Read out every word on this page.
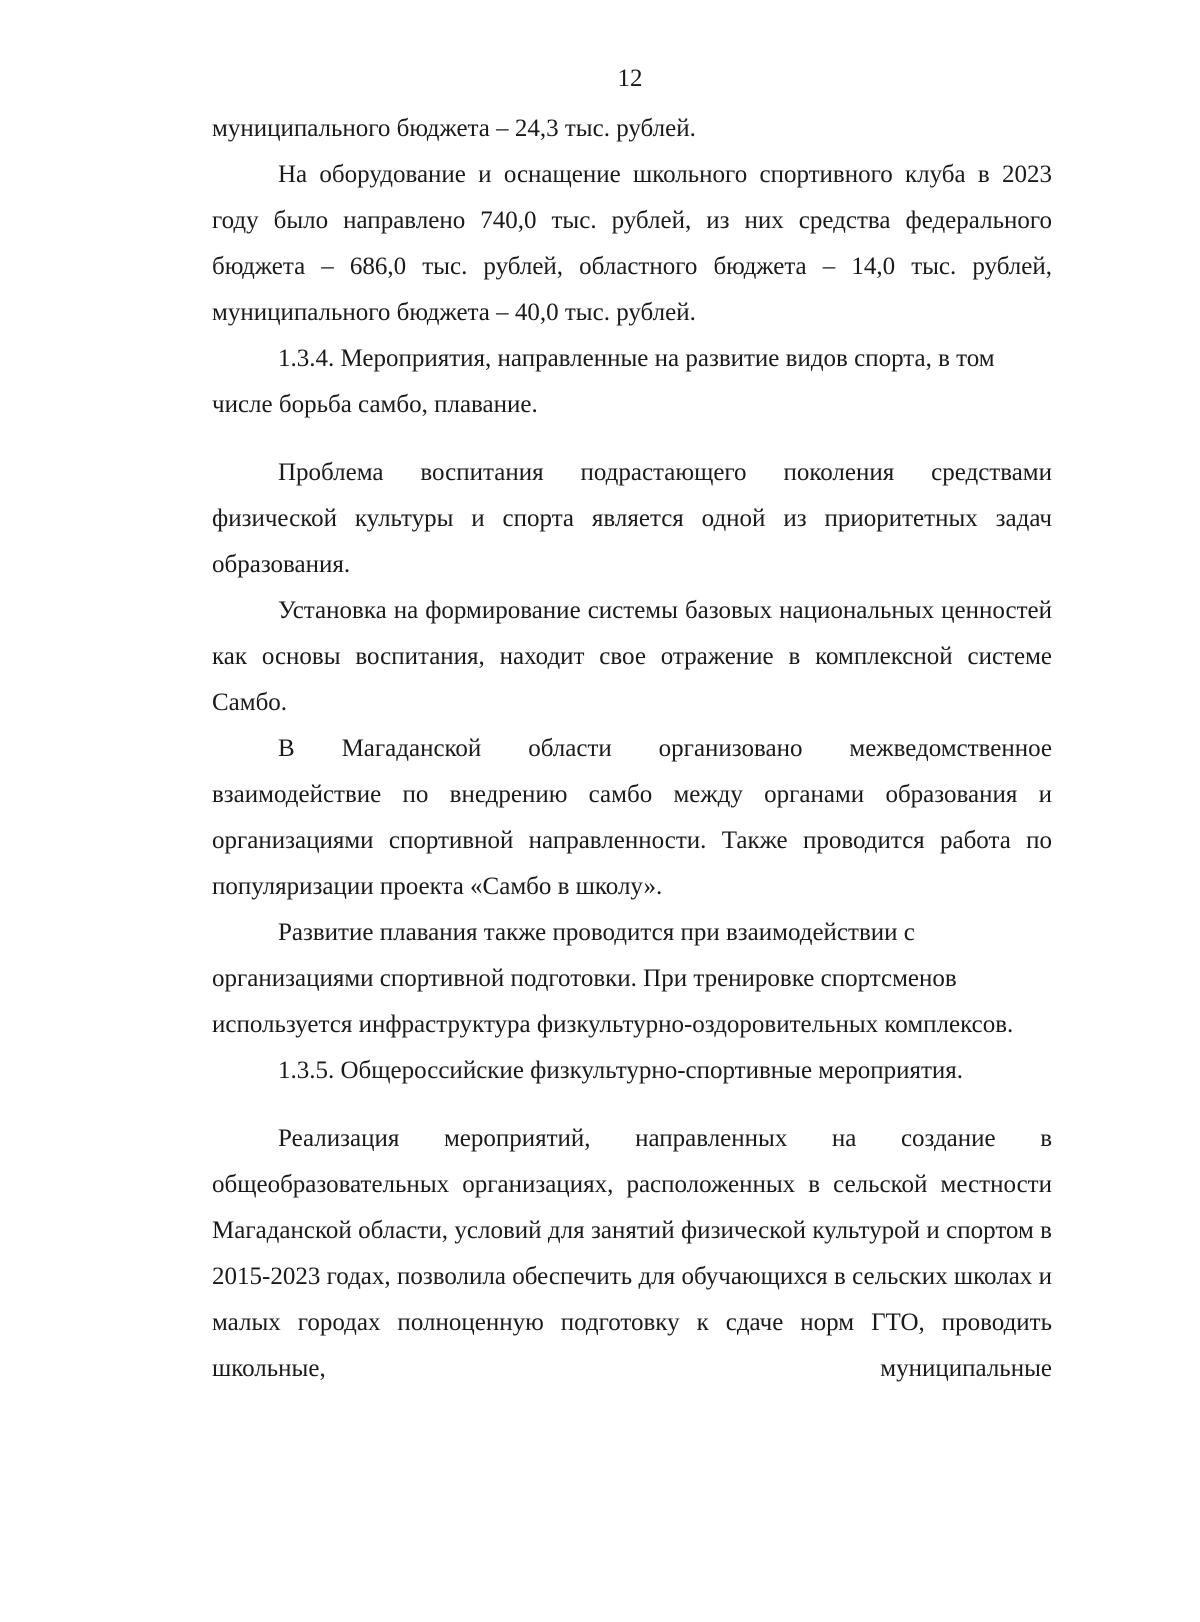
12

муниципального бюджета – 24,3 тыс. рублей.

На оборудование и оснащение школьного спортивного клуба в 2023 году было направлено 740,0 тыс. рублей, из них средства федерального бюджета – 686,0 тыс. рублей, областного бюджета – 14,0 тыс. рублей, муниципального бюджета – 40,0 тыс. рублей.

1.3.4. Мероприятия, направленные на развитие видов спорта, в том числе борьба самбо, плавание.

Проблема воспитания подрастающего поколения средствами физической культуры и спорта является одной из приоритетных задач образования.

Установка на формирование системы базовых национальных ценностей как основы воспитания, находит свое отражение в комплексной системе Самбо.

В Магаданской области организовано межведомственное взаимодействие по внедрению самбо между органами образования и организациями спортивной направленности. Также проводится работа по популяризации проекта «Самбо в школу».

Развитие плавания также проводится при взаимодействии с организациями спортивной подготовки. При тренировке спортсменов используется инфраструктура физкультурно-оздоровительных комплексов.

1.3.5. Общероссийские физкультурно-спортивные мероприятия.

Реализация мероприятий, направленных на создание в общеобразовательных организациях, расположенных в сельской местности Магаданской области, условий для занятий физической культурой и спортом в 2015-2023 годах, позволила обеспечить для обучающихся в сельских школах и малых городах полноценную подготовку к сдаче норм ГТО, проводить школьные, муниципальные
